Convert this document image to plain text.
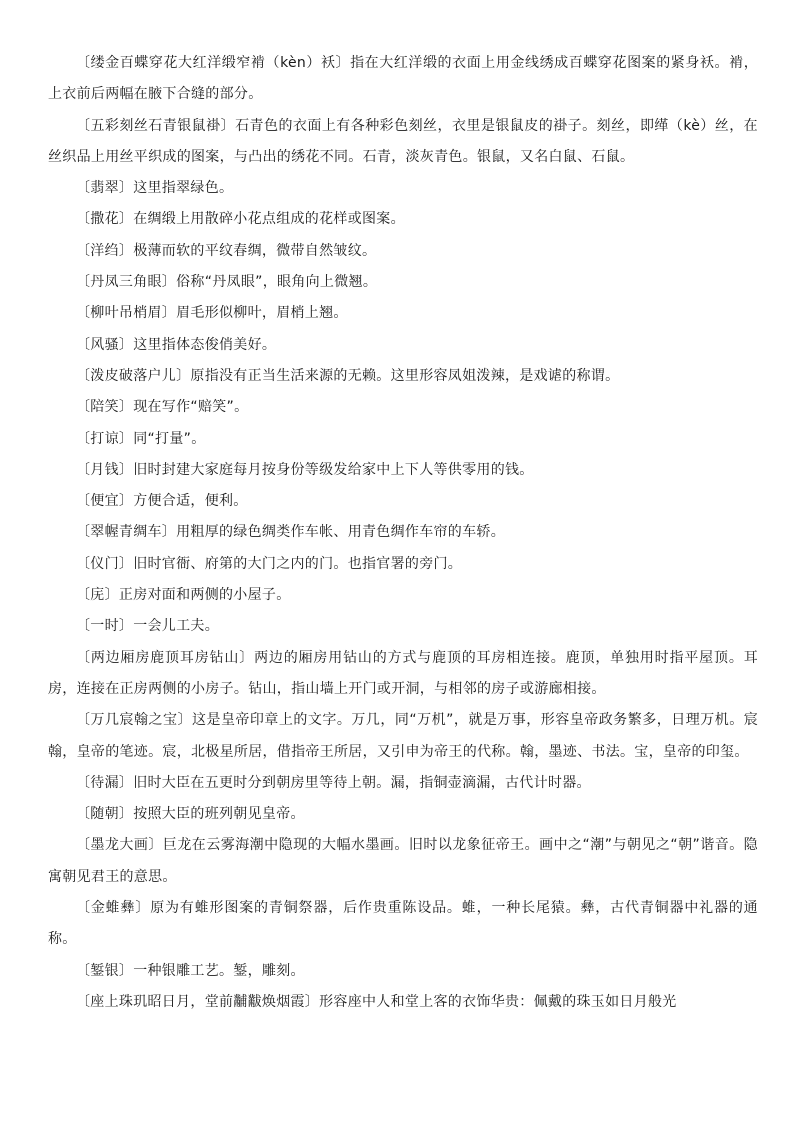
〔缕金百蝶穿花大红洋缎窄褃（kèn）袄〕指在大红洋缎的衣面上用金线绣成百蝶穿花图案的紧身袄。褃，上衣前后两幅在腋下合缝的部分。

〔五彩刻丝石青银鼠褂〕石青色的衣面上有各种彩色刻丝，衣里是银鼠皮的褂子。刻丝，即缂（kè）丝，在丝织品上用丝平织成的图案，与凸出的绣花不同。石青，淡灰青色。银鼠，又名白鼠、石鼠。

〔翡翠〕这里指翠绿色。

〔撒花〕在绸缎上用散碎小花点组成的花样或图案。

〔洋绉〕极薄而软的平纹春绸，微带自然皱纹。

〔丹凤三角眼〕俗称“丹凤眼”，眼角向上微翘。

〔柳叶吊梢眉〕眉毛形似柳叶，眉梢上翘。

〔风骚〕这里指体态俊俏美好。

〔泼皮破落户儿〕原指没有正当生活来源的无赖。这里形容凤姐泼辣，是戏谑的称谓。

〔陪笑〕现在写作“赔笑”。

〔打谅〕同“打量”。

〔月钱〕旧时封建大家庭每月按身份等级发给家中上下人等供零用的钱。

〔便宜〕方便合适，便利。

〔翠幄青绸车〕用粗厚的绿色绸类作车帐、用青色绸作车帘的车轿。

〔仪门〕旧时官衙、府第的大门之内的门。也指官署的旁门。

〔庑〕正房对面和两侧的小屋子。

〔一时〕一会儿工夫。

〔两边厢房鹿顶耳房钻山〕两边的厢房用钻山的方式与鹿顶的耳房相连接。鹿顶，单独用时指平屋顶。耳房，连接在正房两侧的小房子。钻山，指山墙上开门或开洞，与相邻的房子或游廊相接。

〔万几宸翰之宝〕这是皇帝印章上的文字。万几，同“万机”，就是万事，形容皇帝政务繁多，日理万机。宸翰，皇帝的笔迹。宸，北极星所居，借指帝王所居，又引申为帝王的代称。翰，墨迹、书法。宝，皇帝的印玺。

〔待漏〕旧时大臣在五更时分到朝房里等待上朝。漏，指铜壶滴漏，古代计时器。

〔随朝〕按照大臣的班列朝见皇帝。

〔墨龙大画〕巨龙在云雾海潮中隐现的大幅水墨画。旧时以龙象征帝王。画中之“潮”与朝见之“朝”谐音。隐寓朝见君王的意思。

〔金蜼彝〕原为有蜼形图案的青铜祭器，后作贵重陈设品。蜼，一种长尾猿。彝，古代青铜器中礼器的通称。

〔錾银〕一种银雕工艺。錾，雕刻。

〔座上珠玑昭日月，堂前黼黻焕烟霞〕形容座中人和堂上客的衣饰华贵：佩戴的珠玉如日月般光
